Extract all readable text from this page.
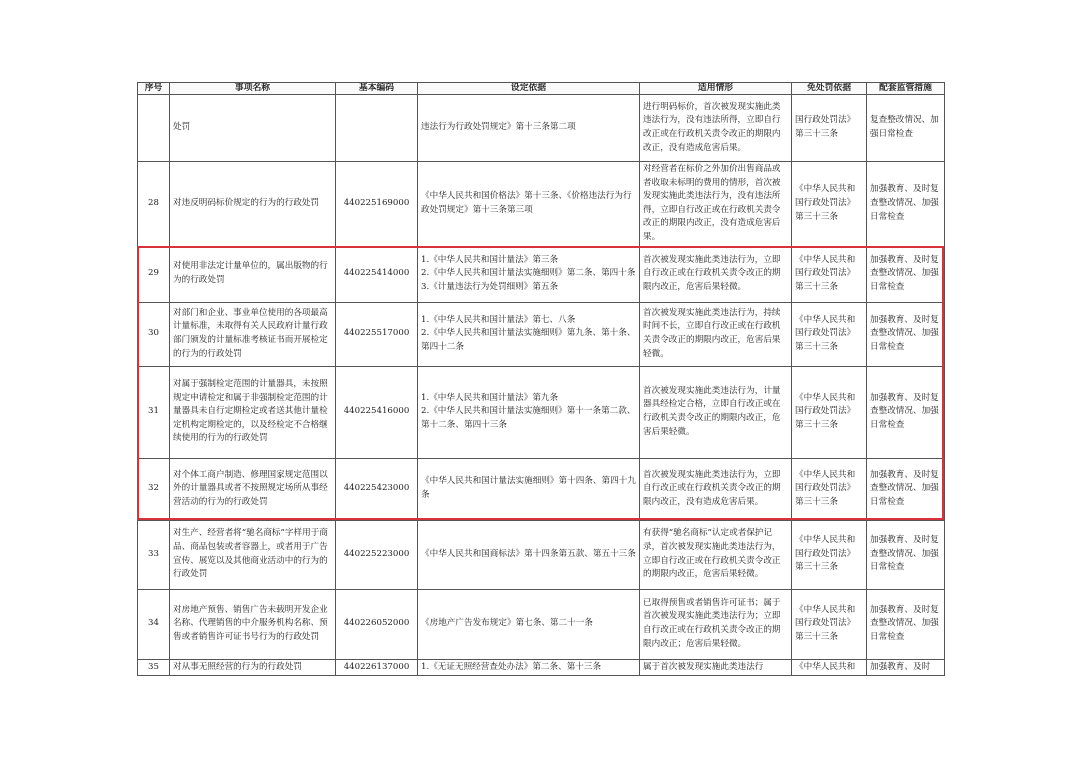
序号	事项名称	基本编码	设定依据	适用情形	免处罚依据	配套监管措施
	处罚		违法行为行政处罚规定》第十三条第二项	进行明码标价，首次被发现实施此类违法行为，没有违法所得，立即自行改正或在行政机关责令改正的期限内改正，没有造成危害后果。	国行政处罚法》第三十三条	复查整改情况、加强日常检查
28	对违反明码标价规定的行为的行政处罚	440225169000	《中华人民共和国价格法》第十三条、《价格违法行为行政处罚规定》第十三条第三项	对经营者在标价之外加价出售商品或者收取未标明的费用的情形，首次被发现实施此类违法行为，没有违法所得，立即自行改正或在行政机关责令改正的期限内改正，没有造成危害后果。	《中华人民共和国行政处罚法》第三十三条	加强教育、及时复查整改情况、加强日常检查
29	对使用非法定计量单位的，属出版物的行为的行政处罚	440225414000	1.《中华人民共和国计量法》第三条
2.《中华人民共和国计量法实施细则》第二条、第四十条
3.《计量违法行为处罚细则》第五条	首次被发现实施此类违法行为，立即自行改正或在行政机关责令改正的期限内改正，危害后果轻微。	《中华人民共和国行政处罚法》第三十三条	加强教育、及时复查整改情况、加强日常检查
30	对部门和企业、事业单位使用的各项最高计量标准，未取得有关人民政府计量行政部门颁发的计量标准考核证书而开展检定的行为的行政处罚	440225517000	1.《中华人民共和国计量法》第七、八条
2.《中华人民共和国计量法实施细则》第九条、第十条、第四十二条	首次被发现实施此类违法行为，持续时间不长，立即自行改正或在行政机关责令改正的期限内改正，危害后果轻微。	《中华人民共和国行政处罚法》第三十三条	加强教育、及时复查整改情况、加强日常检查
31	对属于强制检定范围的计量器具，未按照规定申请检定和属于非强制检定范围的计量器具未自行定期检定或者送其他计量检定机构定期检定的，以及经检定不合格继续使用的行为的行政处罚	440225416000	1.《中华人民共和国计量法》第九条
2.《中华人民共和国计量法实施细则》第十一条第二款、第十二条、第四十三条	首次被发现实施此类违法行为，计量器具经检定合格，立即自行改正或在行政机关责令改正的期限内改正，危害后果轻微。	《中华人民共和国行政处罚法》第三十三条	加强教育、及时复查整改情况、加强日常检查
32	对个体工商户制造、修理国家规定范围以外的计量器具或者不按照规定场所从事经营活动的行为的行政处罚	440225423000	《中华人民共和国计量法实施细则》第十四条、第四十九条	首次被发现实施此类违法行为，立即自行改正或在行政机关责令改正的期限内改正，没有造成危害后果。	《中华人民共和国行政处罚法》第三十三条	加强教育、及时复查整改情况、加强日常检查
33	对生产、经营者将“驰名商标”字样用于商品、商品包装或者容器上，或者用于广告宣传、展览以及其他商业活动中的行为的行政处罚	440225223000	《中华人民共和国商标法》第十四条第五款、第五十三条	有获得“驰名商标”认定或者保护记录，首次被发现实施此类违法行为，立即自行改正或在行政机关责令改正的期限内改正，危害后果轻微。	《中华人民共和国行政处罚法》第三十三条	加强教育、及时复查整改情况、加强日常检查
34	对房地产预售、销售广告未载明开发企业名称、代理销售的中介服务机构名称、预售或者销售许可证书号行为的行政处罚	440226052000	《房地产广告发布规定》第七条、第二十一条	已取得预售或者销售许可证书；属于首次被发现实施此类违法行为；立即自行改正或在行政机关责令改正的期限内改正；危害后果轻微。	《中华人民共和国行政处罚法》第三十三条	加强教育、及时复查整改情况、加强日常检查
35	对从事无照经营的行为的行政处罚	440226137000	1.《无证无照经营查处办法》第二条、第十三条	属于首次被发现实施此类违法行	《中华人民共和	加强教育、及时
